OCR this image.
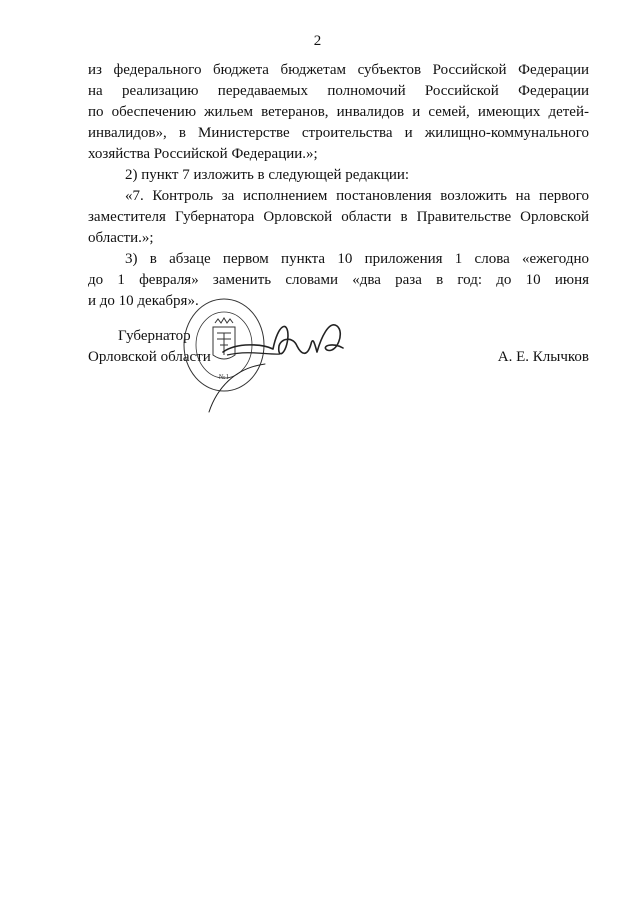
2
из федерального бюджета бюджетам субъектов Российской Федерации
на реализацию передаваемых полномочий Российской Федерации
по обеспечению жильем ветеранов, инвалидов и семей, имеющих детей-
инвалидов», в Министерстве строительства и жилищно-коммунального
хозяйства Российской Федерации.»;
2) пункт 7 изложить в следующей редакции:
«7. Контроль за исполнением постановления возложить на первого
заместителя Губернатора Орловской области в Правительстве Орловской
области.»;
3) в абзаце первом пункта 10 приложения 1 слова «ежегодно
до 1 февраля» заменить словами «два раза в год: до 10 июня
и до 10 декабря».
Губернатор
Орловской области	А. Е. Клычков
№1
